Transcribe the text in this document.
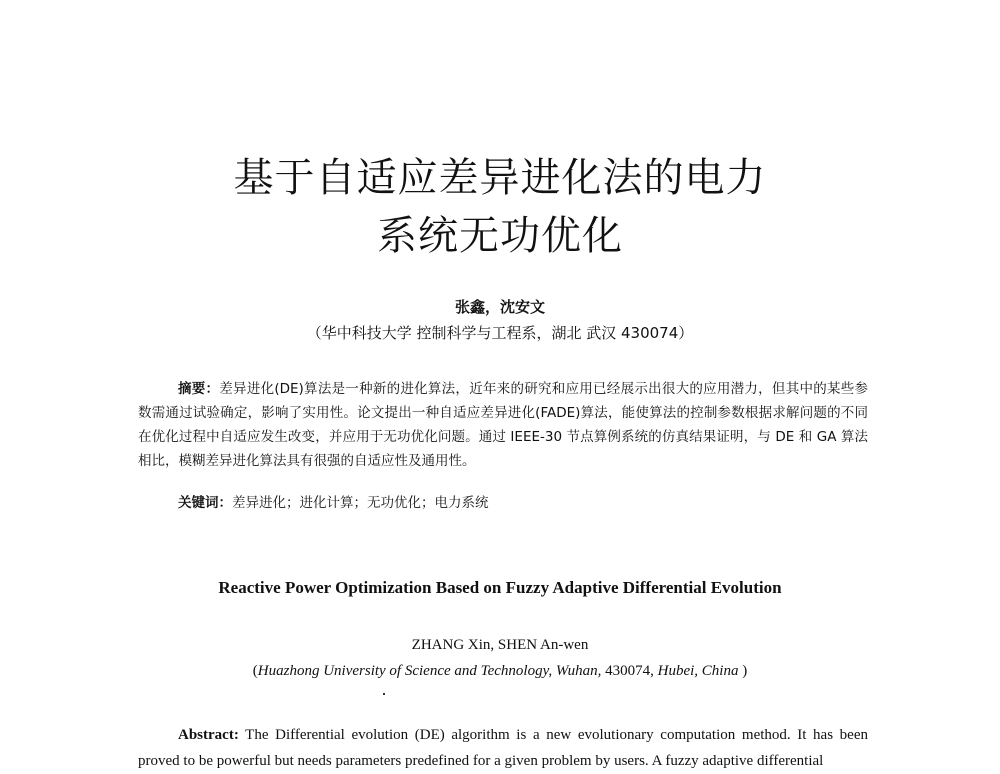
基于自适应差异进化法的电力
系统无功优化
张鑫，沈安文
（华中科技大学 控制科学与工程系，湖北 武汉 430074）
摘要：差异进化(DE)算法是一种新的进化算法，近年来的研究和应用已经展示出很大的应用潜力，但其中的某些参数需通过试验确定，影响了实用性。论文提出一种自适应差异进化(FADE)算法，能使算法的控制参数根据求解问题的不同在优化过程中自适应发生改变，并应用于无功优化问题。通过 IEEE-30 节点算例系统的仿真结果证明，与 DE 和 GA 算法相比，模糊差异进化算法具有很强的自适应性及通用性。
关键词：差异进化；进化计算；无功优化；电力系统
Reactive Power Optimization Based on Fuzzy Adaptive Differential Evolution
ZHANG Xin, SHEN An-wen
(Huazhong University of Science and Technology, Wuhan, 430074, Hubei, China )
Abstract: The Differential evolution (DE) algorithm is a new evolutionary computation method. It has been proved to be powerful but needs parameters predefined for a given problem by users. A fuzzy adaptive differential
